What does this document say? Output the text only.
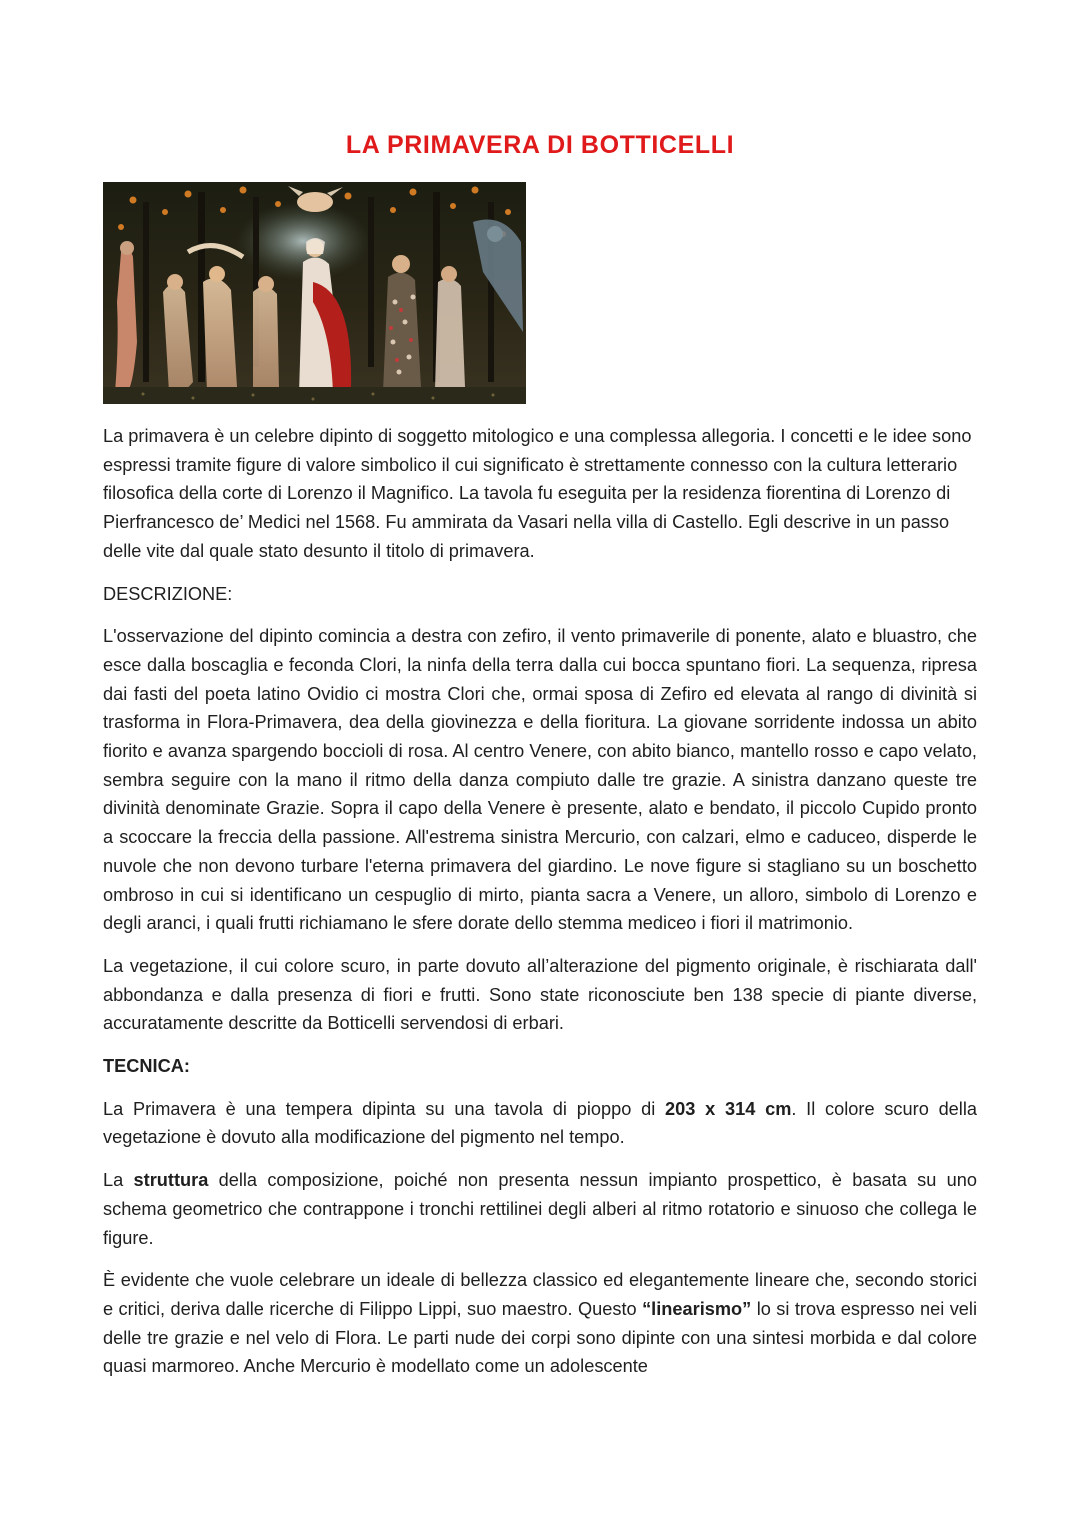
LA PRIMAVERA DI BOTTICELLI

La primavera è un celebre dipinto di soggetto mitologico e una complessa allegoria. I concetti e le idee sono espressi tramite figure di valore simbolico il cui significato è strettamente connesso con la cultura letterario filosofica della corte di Lorenzo il Magnifico. La tavola fu eseguita per la residenza fiorentina di Lorenzo di Pierfrancesco de’ Medici nel 1568. Fu ammirata da Vasari nella villa di Castello. Egli descrive in un passo delle vite dal quale stato desunto il titolo di primavera.

DESCRIZIONE:

L'osservazione del dipinto comincia a destra con zefiro, il vento primaverile di ponente, alato e bluastro, che esce dalla boscaglia e feconda Clori, la ninfa della terra dalla cui bocca spuntano fiori. La sequenza, ripresa dai fasti del poeta latino Ovidio ci mostra Clori che, ormai sposa di Zefiro ed elevata al rango di divinità si trasforma in Flora-Primavera, dea della giovinezza e della fioritura. La giovane sorridente indossa un abito fiorito e avanza spargendo boccioli di rosa. Al centro Venere, con abito bianco, mantello rosso e capo velato, sembra seguire con la mano il ritmo della danza compiuto dalle tre grazie. A sinistra danzano queste tre divinità denominate Grazie. Sopra il capo della Venere è presente, alato e bendato, il piccolo Cupido pronto a scoccare la freccia della passione. All'estrema sinistra Mercurio, con calzari, elmo e caduceo, disperde le nuvole che non devono turbare l'eterna primavera del giardino. Le nove figure si stagliano su un boschetto ombroso in cui si identificano un cespuglio di mirto, pianta sacra a Venere, un alloro, simbolo di Lorenzo e degli aranci, i quali frutti richiamano le sfere dorate dello stemma mediceo i fiori il matrimonio.

La vegetazione, il cui colore scuro, in parte dovuto all’alterazione del pigmento originale, è rischiarata dall' abbondanza e dalla presenza di fiori e frutti. Sono state riconosciute ben 138 specie di piante diverse, accuratamente descritte da Botticelli servendosi di erbari.

TECNICA:

La Primavera è una tempera dipinta su una tavola di pioppo di 203 x 314 cm. Il colore scuro della vegetazione è dovuto alla modificazione del pigmento nel tempo.

La struttura della composizione, poiché non presenta nessun impianto prospettico, è basata su uno schema geometrico che contrappone i tronchi rettilinei degli alberi al ritmo rotatorio e sinuoso che collega le figure.

È evidente che vuole celebrare un ideale di bellezza classico ed elegantemente lineare che, secondo storici e critici, deriva dalle ricerche di Filippo Lippi, suo maestro. Questo “linearismo” lo si trova espresso nei veli delle tre grazie e nel velo di Flora. Le parti nude dei corpi sono dipinte con una sintesi morbida e dal colore quasi marmoreo. Anche Mercurio è modellato come un adolescente
